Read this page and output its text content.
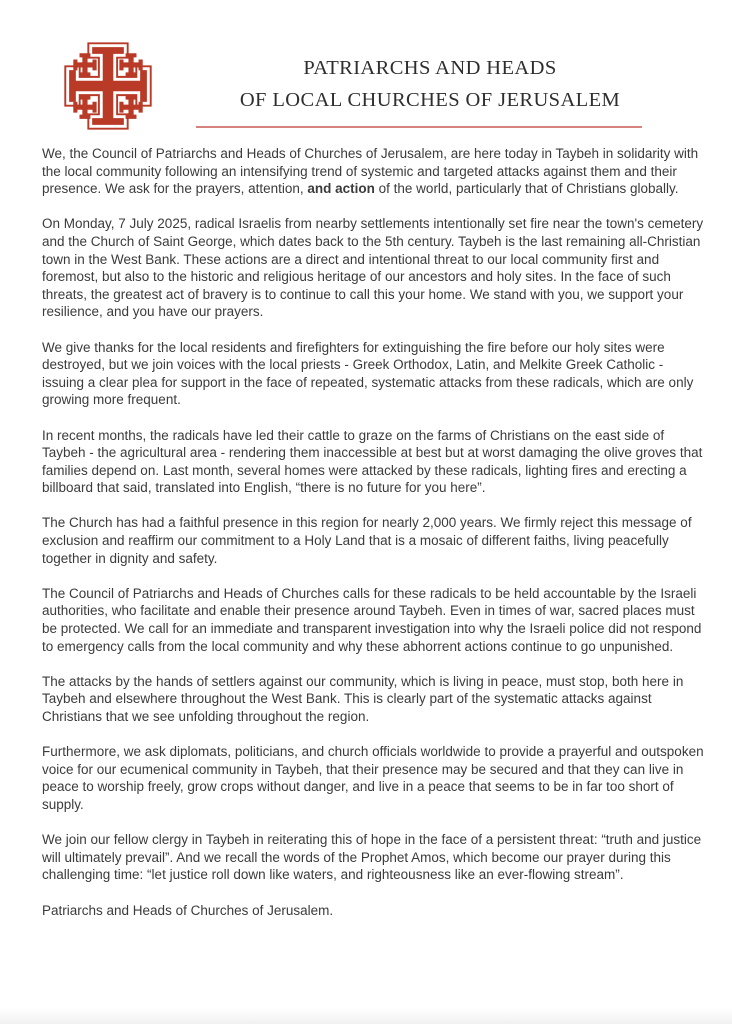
PATRIARCHS AND HEADS
OF LOCAL CHURCHES OF JERUSALEM

We, the Council of Patriarchs and Heads of Churches of Jerusalem, are here today in Taybeh in solidarity with the local community following an intensifying trend of systemic and targeted attacks against them and their presence. We ask for the prayers, attention, and action of the world, particularly that of Christians globally.

On Monday, 7 July 2025, radical Israelis from nearby settlements intentionally set fire near the town's cemetery and the Church of Saint George, which dates back to the 5th century. Taybeh is the last remaining all-Christian town in the West Bank. These actions are a direct and intentional threat to our local community first and foremost, but also to the historic and religious heritage of our ancestors and holy sites. In the face of such threats, the greatest act of bravery is to continue to call this your home. We stand with you, we support your resilience, and you have our prayers.

We give thanks for the local residents and firefighters for extinguishing the fire before our holy sites were destroyed, but we join voices with the local priests - Greek Orthodox, Latin, and Melkite Greek Catholic - issuing a clear plea for support in the face of repeated, systematic attacks from these radicals, which are only growing more frequent.

In recent months, the radicals have led their cattle to graze on the farms of Christians on the east side of Taybeh - the agricultural area - rendering them inaccessible at best but at worst damaging the olive groves that families depend on. Last month, several homes were attacked by these radicals, lighting fires and erecting a billboard that said, translated into English, “there is no future for you here”.

The Church has had a faithful presence in this region for nearly 2,000 years. We firmly reject this message of exclusion and reaffirm our commitment to a Holy Land that is a mosaic of different faiths, living peacefully together in dignity and safety.

The Council of Patriarchs and Heads of Churches calls for these radicals to be held accountable by the Israeli authorities, who facilitate and enable their presence around Taybeh. Even in times of war, sacred places must be protected. We call for an immediate and transparent investigation into why the Israeli police did not respond to emergency calls from the local community and why these abhorrent actions continue to go unpunished.

The attacks by the hands of settlers against our community, which is living in peace, must stop, both here in Taybeh and elsewhere throughout the West Bank. This is clearly part of the systematic attacks against Christians that we see unfolding throughout the region.

Furthermore, we ask diplomats, politicians, and church officials worldwide to provide a prayerful and outspoken voice for our ecumenical community in Taybeh, that their presence may be secured and that they can live in peace to worship freely, grow crops without danger, and live in a peace that seems to be in far too short of supply.

We join our fellow clergy in Taybeh in reiterating this of hope in the face of a persistent threat: “truth and justice will ultimately prevail”. And we recall the words of the Prophet Amos, which become our prayer during this challenging time: “let justice roll down like waters, and righteousness like an ever-flowing stream”.

Patriarchs and Heads of Churches of Jerusalem.
